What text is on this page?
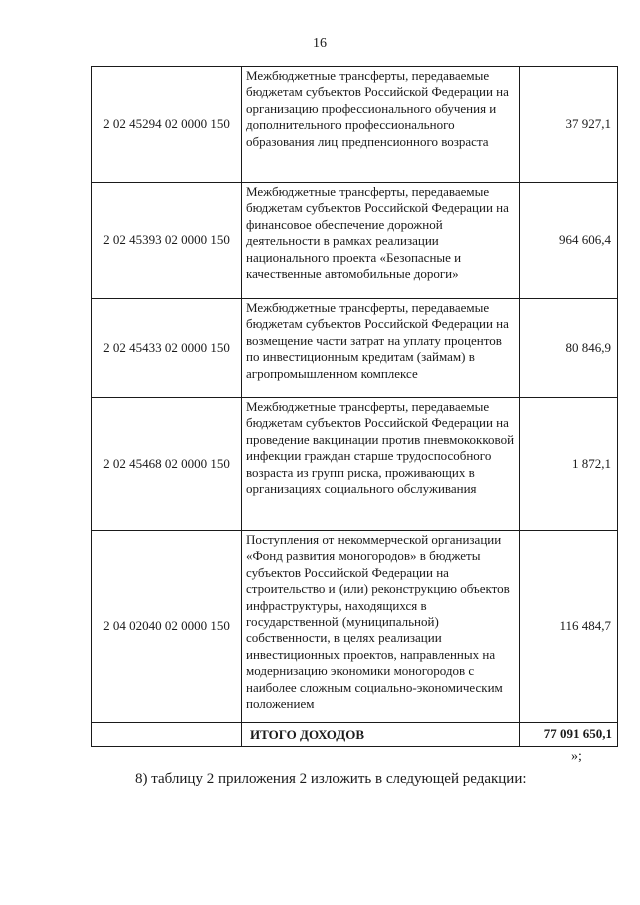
16
2 02 45294 02 0000 150	Межбюджетные трансферты, передаваемые бюджетам субъектов Российской Федерации на организацию профессионального обучения и дополнительного профессионального образования лиц предпенсионного возраста	37 927,1
2 02 45393 02 0000 150	Межбюджетные трансферты, передаваемые бюджетам субъектов Российской Федерации на финансовое обеспечение дорожной деятельности в рамках реализации национального проекта «Безопасные и качественные автомобильные дороги»	964 606,4
2 02 45433 02 0000 150	Межбюджетные трансферты, передаваемые бюджетам субъектов Российской Федерации на возмещение части затрат на уплату процентов по инвестиционным кредитам (займам) в агропромышленном комплексе	80 846,9
2 02 45468 02 0000 150	Межбюджетные трансферты, передаваемые бюджетам субъектов Российской Федерации на проведение вакцинации против пневмококковой инфекции граждан старше трудоспособного возраста из групп риска, проживающих в организациях социального обслуживания	1 872,1
2 04 02040 02 0000 150	Поступления от некоммерческой организации «Фонд развития моногородов» в бюджеты субъектов Российской Федерации на строительство и (или) реконструкцию объектов инфраструктуры, находящихся в государственной (муниципальной) собственности, в целях реализации инвестиционных проектов, направленных на модернизацию экономики моногородов с наиболее сложным социально-экономическим положением	116 484,7
	ИТОГО ДОХОДОВ	77 091 650,1
»;
8) таблицу 2 приложения 2 изложить в следующей редакции:
